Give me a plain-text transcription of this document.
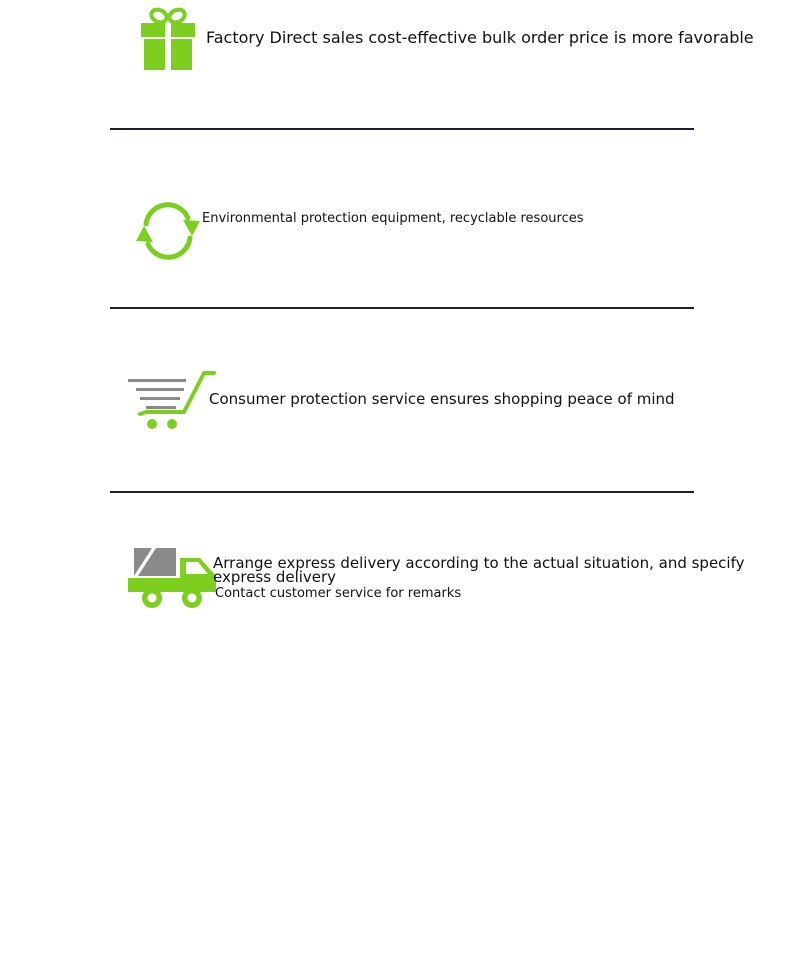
Factory Direct sales cost-effective bulk order price is more favorable
Environmental protection equipment, recyclable resources
Consumer protection service ensures shopping peace of mind
Arrange express delivery according to the actual situation, and specify express delivery
Contact customer service for remarks
